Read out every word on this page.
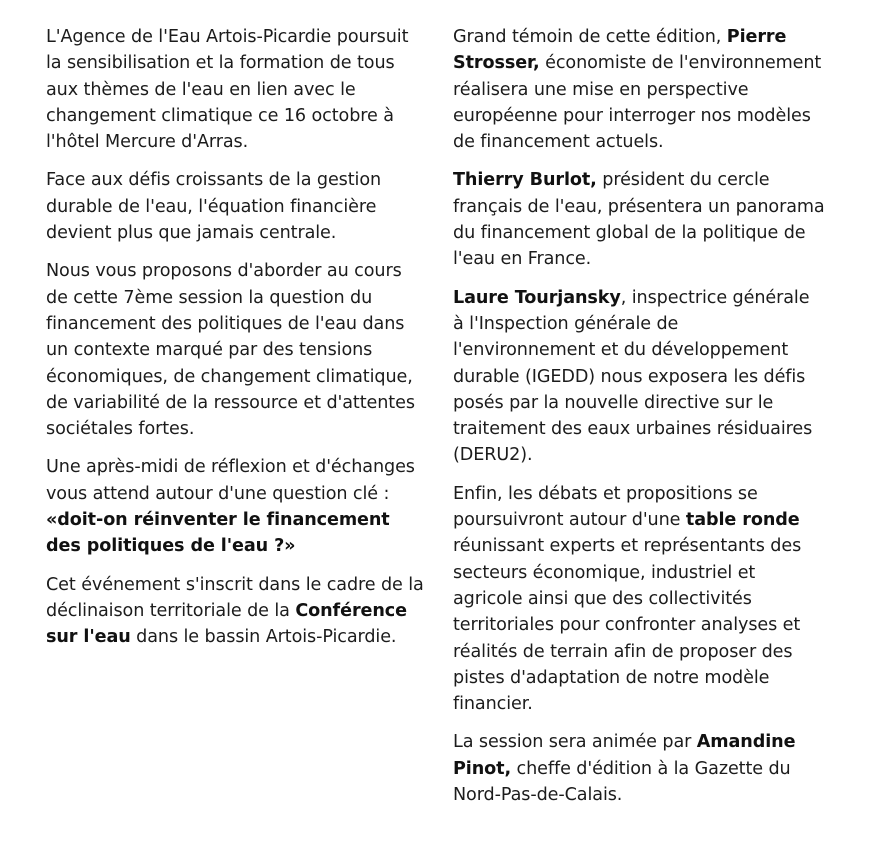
L'Agence de l'Eau Artois-Picardie poursuit la sensibilisation et la formation de tous aux thèmes de l'eau en lien avec le changement climatique ce 16 octobre à l'hôtel Mercure d'Arras.

Face aux défis croissants de la gestion durable de l'eau, l'équation financière devient plus que jamais centrale.

Nous vous proposons d'aborder au cours de cette 7ème session la question du financement des politiques de l'eau dans un contexte marqué par des tensions économiques, de changement climatique, de variabilité de la ressource et d'attentes sociétales fortes.

Une après-midi de réflexion et d'échanges vous attend autour d'une question clé : «doit-on réinventer le financement des politiques de l'eau ?»

Cet événement s'inscrit dans le cadre de la déclinaison territoriale de la Conférence sur l'eau dans le bassin Artois-Picardie.

Grand témoin de cette édition, Pierre Strosser, économiste de l'environnement réalisera une mise en perspective européenne pour interroger nos modèles de financement actuels.

Thierry Burlot, président du cercle français de l'eau, présentera un panorama du financement global de la politique de l'eau en France.

Laure Tourjansky, inspectrice générale à l'Inspection générale de l'environnement et du développement durable (IGEDD) nous exposera les défis posés par la nouvelle directive sur le traitement des eaux urbaines résiduaires (DERU2).

Enfin, les débats et propositions se poursuivront autour d'une table ronde réunissant experts et représentants des secteurs économique, industriel et agricole ainsi que des collectivités territoriales pour confronter analyses et réalités de terrain afin de proposer des pistes d'adaptation de notre modèle financier.

La session sera animée par Amandine Pinot, cheffe d'édition à la Gazette du Nord-Pas-de-Calais.
